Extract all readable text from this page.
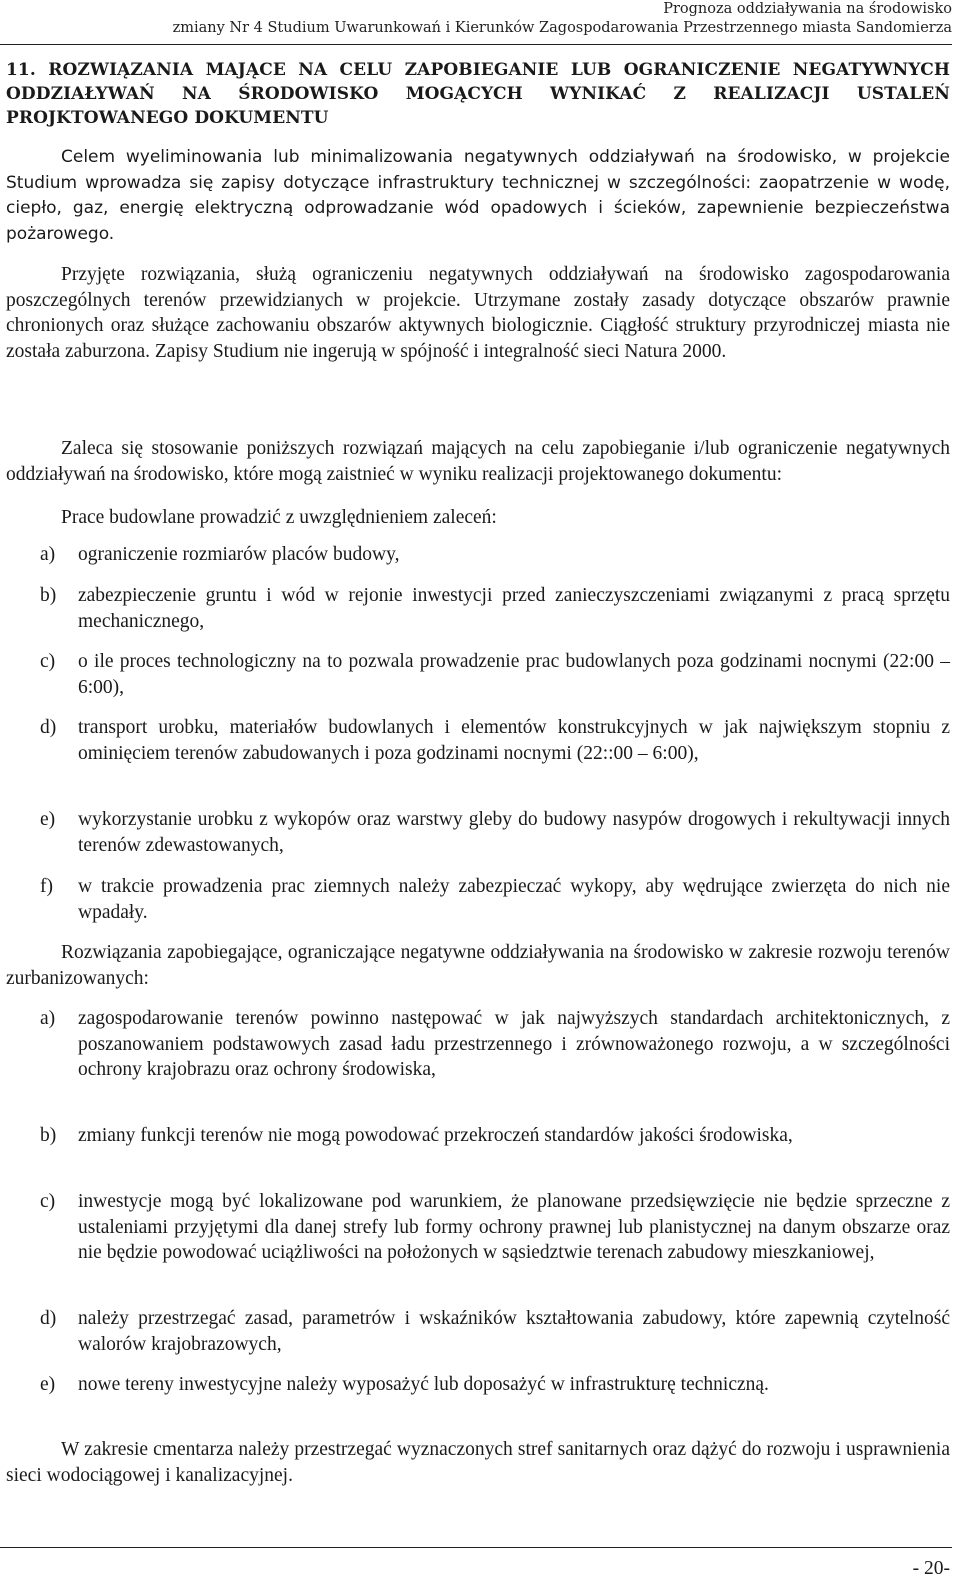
Prognoza oddziaływania na środowisko
zmiany Nr 4 Studium Uwarunkowań i Kierunków Zagospodarowania Przestrzennego miasta Sandomierza
11. ROZWIĄZANIA MAJĄCE NA CELU ZAPOBIEGANIE LUB OGRANICZENIE NEGATYWNYCH ODDZIAŁYWAŃ NA ŚRODOWISKO MOGĄCYCH WYNIKAĆ Z REALIZACJI USTALEŃ PROJKTOWANEGO DOKUMENTU
Celem wyeliminowania lub minimalizowania negatywnych oddziaływań na środowisko, w projekcie Studium wprowadza się zapisy dotyczące infrastruktury technicznej w szczególności: zaopatrzenie w wodę, ciepło, gaz, energię elektryczną odprowadzanie wód opadowych i ścieków, zapewnienie bezpieczeństwa pożarowego.
Przyjęte rozwiązania, służą ograniczeniu negatywnych oddziaływań na środowisko zagospodarowania poszczególnych terenów przewidzianych w projekcie. Utrzymane zostały zasady dotyczące obszarów prawnie chronionych oraz służące zachowaniu obszarów aktywnych biologicznie. Ciągłość struktury przyrodniczej miasta nie została zaburzona. Zapisy Studium nie ingerują w spójność i integralność sieci Natura 2000.
Zaleca się stosowanie poniższych rozwiązań mających na celu zapobieganie i/lub ograniczenie negatywnych oddziaływań na środowisko, które mogą zaistnieć w wyniku realizacji projektowanego dokumentu:
Prace budowlane prowadzić z uwzględnieniem zaleceń:
a)	ograniczenie rozmiarów placów budowy,
b)	zabezpieczenie gruntu i wód w rejonie inwestycji przed zanieczyszczeniami związanymi z pracą sprzętu mechanicznego,
c)	o ile proces technologiczny na to pozwala prowadzenie prac budowlanych poza godzinami nocnymi (22:00 – 6:00),
d)	transport urobku, materiałów budowlanych i elementów konstrukcyjnych w jak największym stopniu z ominięciem terenów zabudowanych i poza godzinami nocnymi (22::00 – 6:00),
e)	wykorzystanie urobku z wykopów oraz warstwy gleby do budowy nasypów drogowych i rekultywacji innych terenów zdewastowanych,
f)	w trakcie prowadzenia prac ziemnych należy zabezpieczać wykopy, aby wędrujące zwierzęta do nich nie wpadały.
Rozwiązania zapobiegające, ograniczające negatywne oddziaływania na środowisko w zakresie rozwoju terenów zurbanizowanych:
a)	zagospodarowanie terenów powinno następować w jak najwyższych standardach architektonicznych, z poszanowaniem podstawowych zasad ładu przestrzennego i zrównoważonego rozwoju, a w szczególności ochrony krajobrazu oraz ochrony środowiska,
b)	zmiany funkcji terenów nie mogą powodować przekroczeń standardów jakości środowiska,
c)	inwestycje mogą być lokalizowane pod warunkiem, że planowane przedsięwzięcie nie będzie sprzeczne z ustaleniami przyjętymi dla danej strefy lub formy ochrony prawnej lub planistycznej na danym obszarze oraz nie będzie powodować uciążliwości na położonych w sąsiedztwie terenach zabudowy mieszkaniowej,
d)	należy przestrzegać zasad, parametrów i wskaźników kształtowania zabudowy, które zapewnią czytelność walorów krajobrazowych,
e)	nowe tereny inwestycyjne należy wyposażyć lub doposażyć w infrastrukturę techniczną.
W zakresie cmentarza należy przestrzegać wyznaczonych stref sanitarnych oraz dążyć do rozwoju i usprawnienia sieci wodociągowej i kanalizacyjnej.
- 20-
